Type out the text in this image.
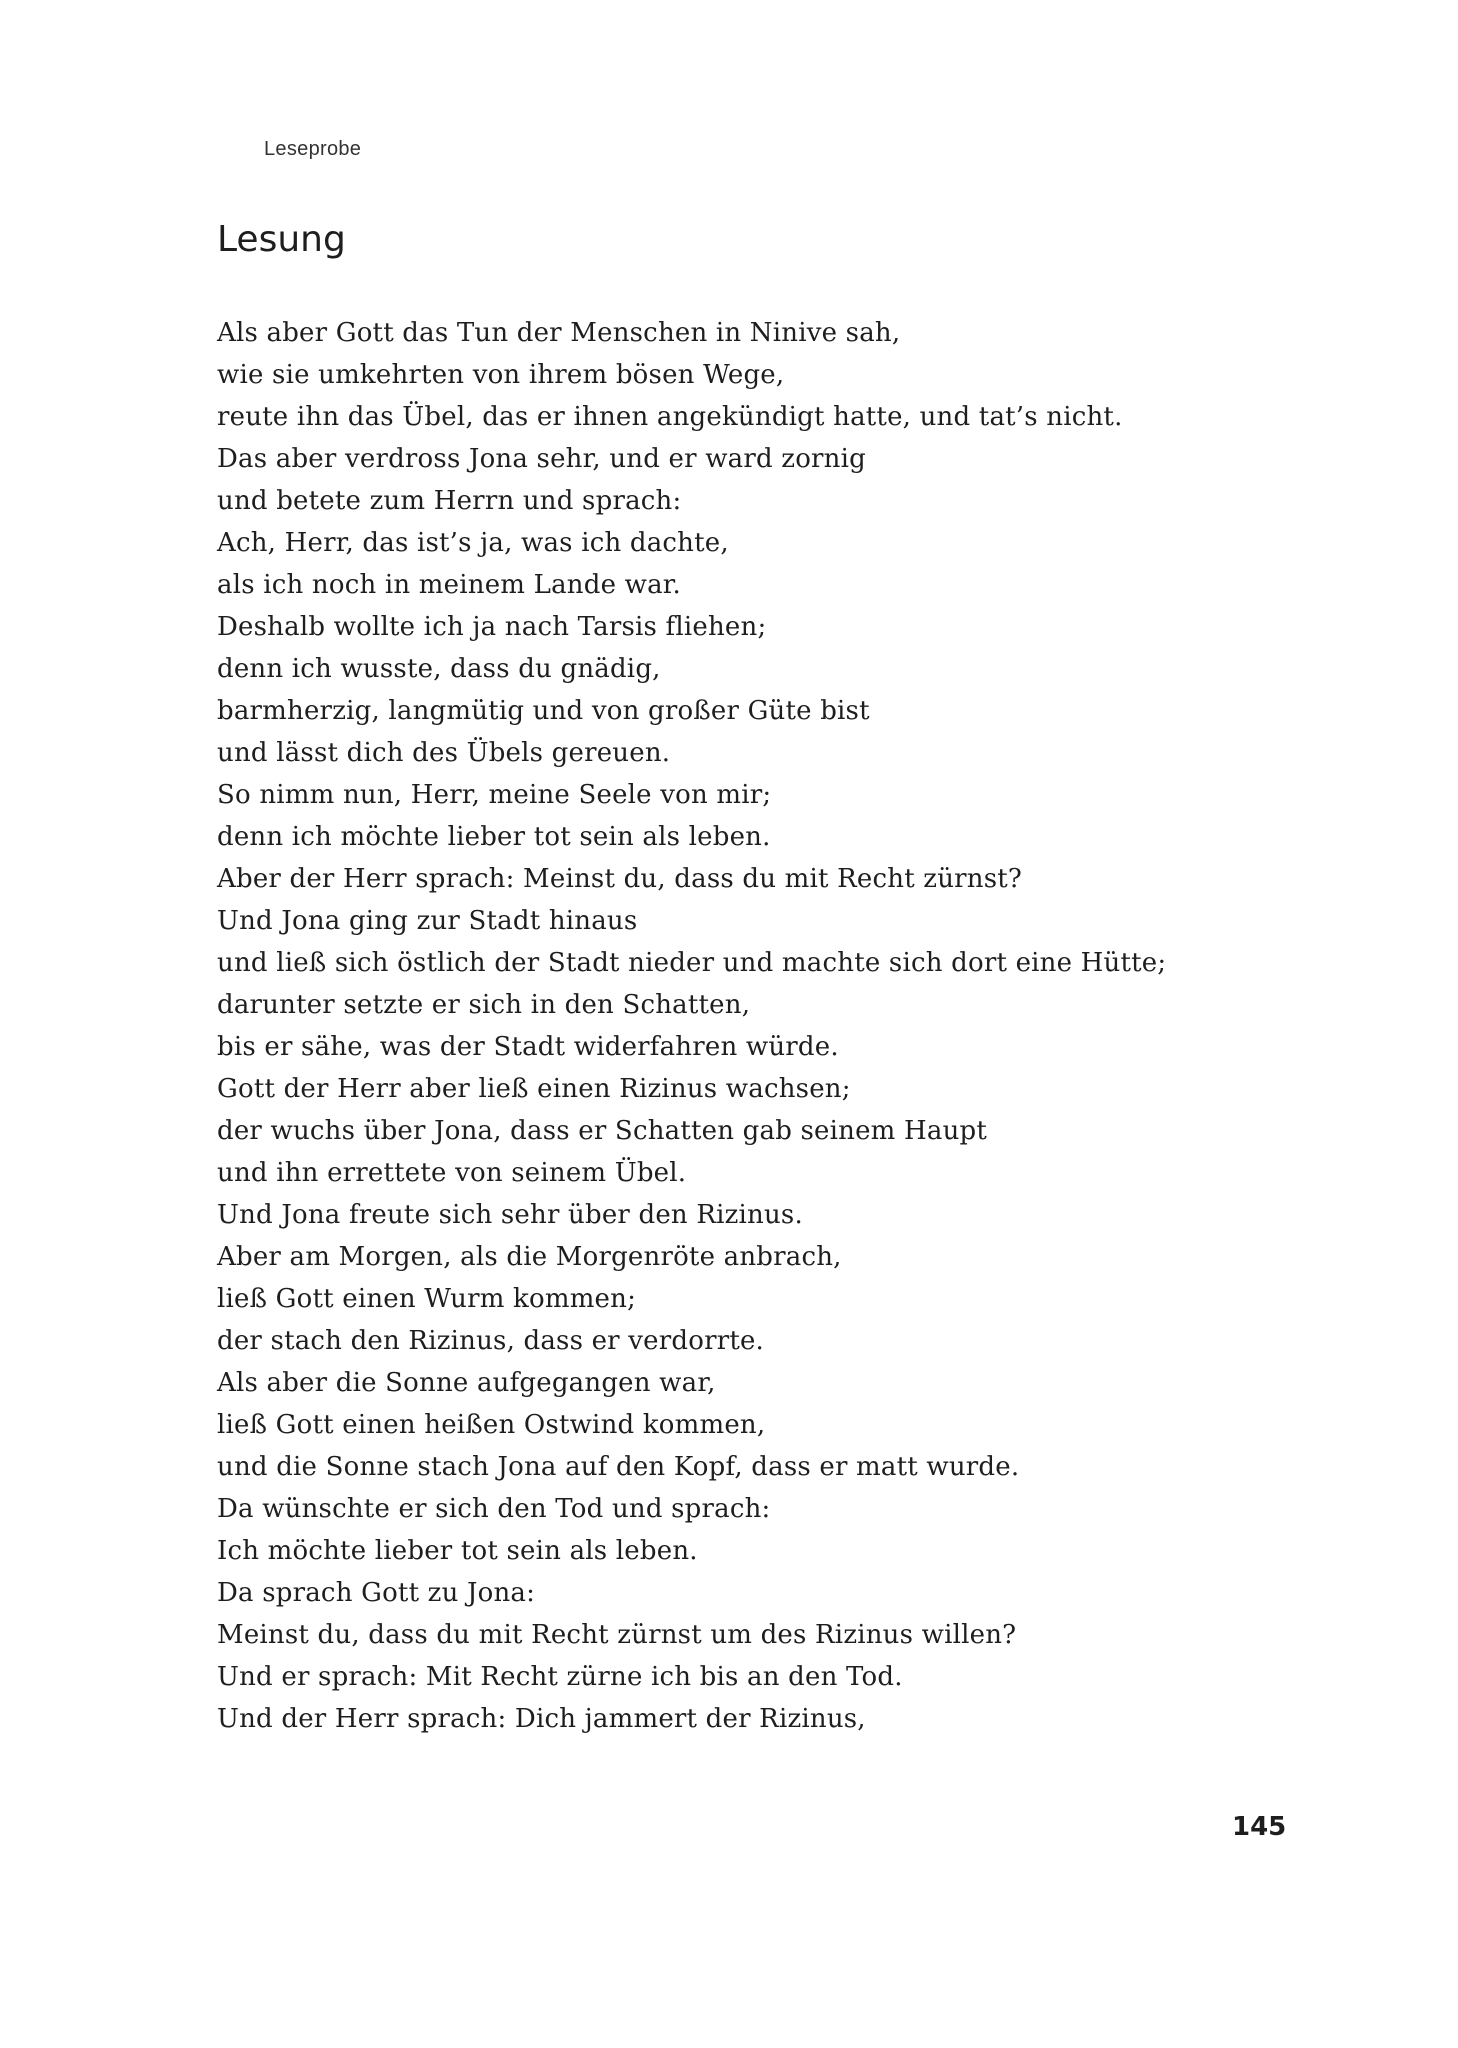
Leseprobe
Lesung
Als aber Gott das Tun der Menschen in Ninive sah,
wie sie umkehrten von ihrem bösen Wege,
reute ihn das Übel, das er ihnen angekündigt hatte, und tat’s nicht.
Das aber verdross Jona sehr, und er ward zornig
und betete zum Herrn und sprach:
Ach, Herr, das ist’s ja, was ich dachte,
als ich noch in meinem Lande war.
Deshalb wollte ich ja nach Tarsis fliehen;
denn ich wusste, dass du gnädig,
barmherzig, langmütig und von großer Güte bist
und lässt dich des Übels gereuen.
So nimm nun, Herr, meine Seele von mir;
denn ich möchte lieber tot sein als leben.
Aber der Herr sprach: Meinst du, dass du mit Recht zürnst?
Und Jona ging zur Stadt hinaus
und ließ sich östlich der Stadt nieder und machte sich dort eine Hütte;
darunter setzte er sich in den Schatten,
bis er sähe, was der Stadt widerfahren würde.
Gott der Herr aber ließ einen Rizinus wachsen;
der wuchs über Jona, dass er Schatten gab seinem Haupt
und ihn errettete von seinem Übel.
Und Jona freute sich sehr über den Rizinus.
Aber am Morgen, als die Morgenröte anbrach,
ließ Gott einen Wurm kommen;
der stach den Rizinus, dass er verdorrte.
Als aber die Sonne aufgegangen war,
ließ Gott einen heißen Ostwind kommen,
und die Sonne stach Jona auf den Kopf, dass er matt wurde.
Da wünschte er sich den Tod und sprach:
Ich möchte lieber tot sein als leben.
Da sprach Gott zu Jona:
Meinst du, dass du mit Recht zürnst um des Rizinus willen?
Und er sprach: Mit Recht zürne ich bis an den Tod.
Und der Herr sprach: Dich jammert der Rizinus,
145
